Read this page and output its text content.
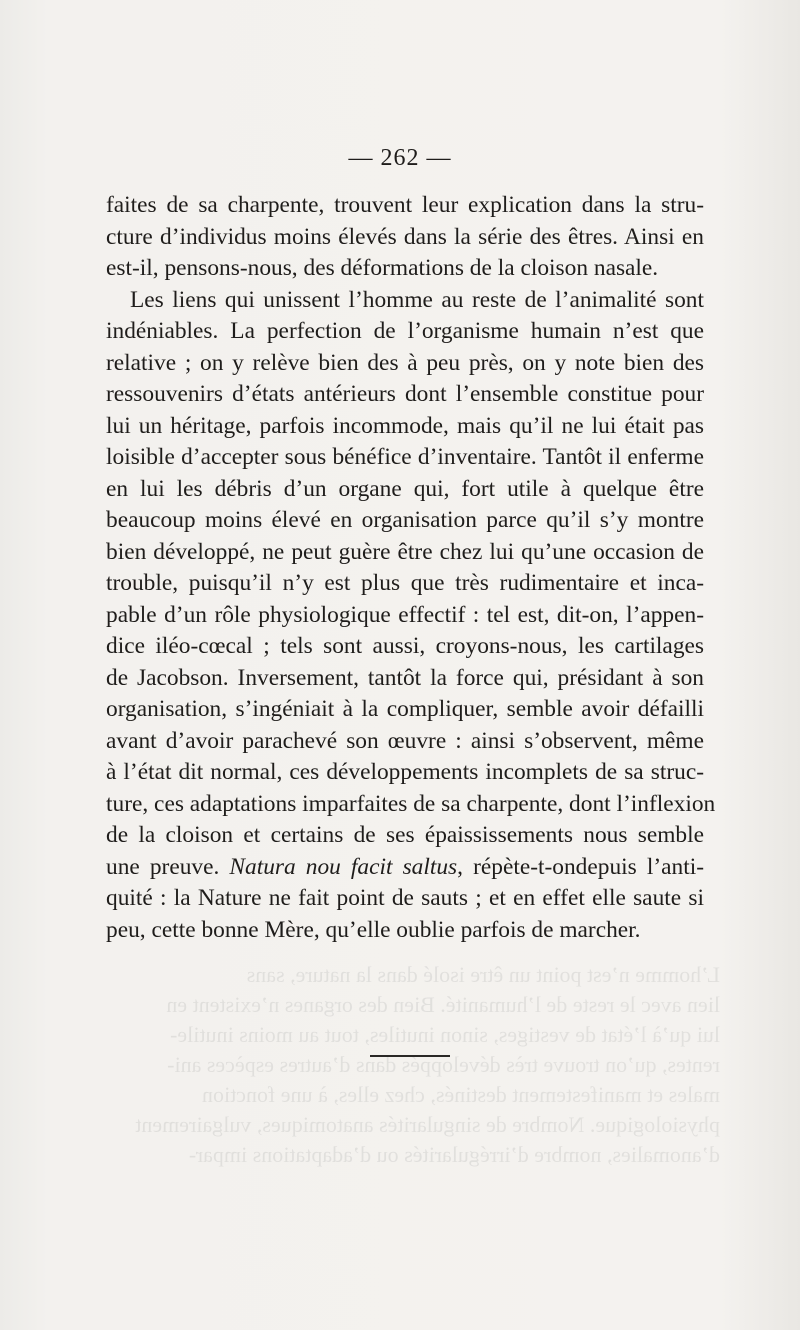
L’homme n’est point un être isolé dans la nature, sans
lien avec le reste de l’humanité. Bien des organes n’existent en
lui qu’à l’état de vestiges, sinon inutiles, tout au moins inutile-
rentes, qu’on trouve très développés dans d’autres espèces ani-
males et manifestement destinés, chez elles, à une fonction
physiologique. Nombre de singularités anatomiques, vulgairement
d’anomalies, nombre d’irrégularités ou d’adaptations impar-
— 262 —
faites de sa charpente, trouvent leur explication dans la stru-
cture d’individus moins élevés dans la série des êtres. Ainsi en
est-il, pensons-nous, des déformations de la cloison nasale.
Les liens qui unissent l’homme au reste de l’animalité sont
indéniables. La perfection de l’organisme humain n’est que
relative ; on y relève bien des à peu près, on y note bien des
ressouvenirs d’états antérieurs dont l’ensemble constitue pour
lui un héritage, parfois incommode, mais qu’il ne lui était pas
loisible d’accepter sous bénéfice d’inventaire. Tantôt il enferme
en lui les débris d’un organe qui, fort utile à quelque être
beaucoup moins élevé en organisation parce qu’il s’y montre
bien développé, ne peut guère être chez lui qu’une occasion de
trouble, puisqu’il n’y est plus que très rudimentaire et inca-
pable d’un rôle physiologique effectif : tel est, dit-on, l’appen-
dice iléo-cœcal ; tels sont aussi, croyons-nous, les cartilages
de Jacobson. Inversement, tantôt la force qui, présidant à son
organisation, s’ingéniait à la compliquer, semble avoir défailli
avant d’avoir parachevé son œuvre : ainsi s’observent, même
à l’état dit normal, ces développements incomplets de sa struc-
ture, ces adaptations imparfaites de sa charpente, dont l’inflexion
de la cloison et certains de ses épaississements nous semble
une preuve. Natura nou facit saltus, répète-t-ondepuis l’anti-
quité : la Nature ne fait point de sauts ; et en effet elle saute si
peu, cette bonne Mère, qu’elle oublie parfois de marcher.
